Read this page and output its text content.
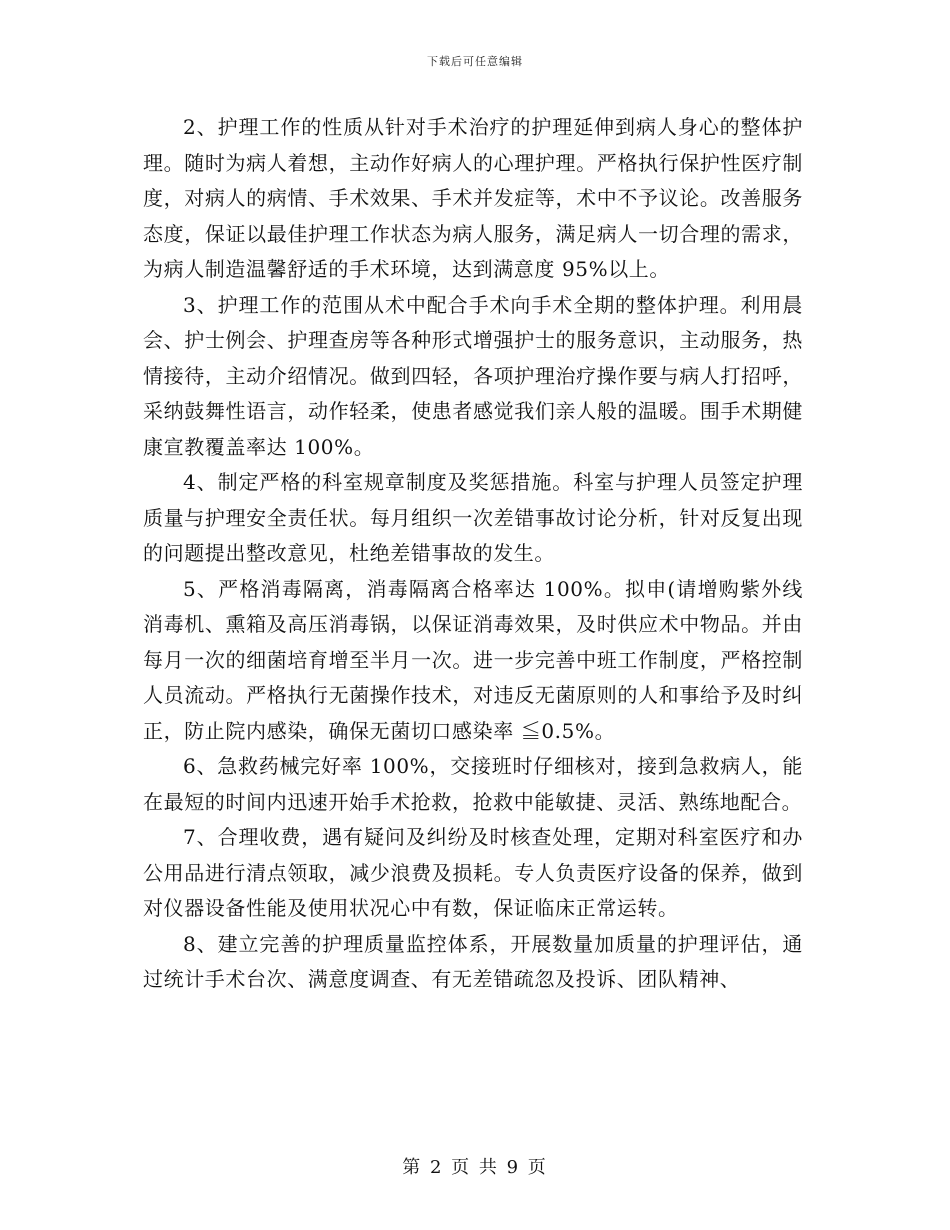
下载后可任意编辑

2、护理工作的性质从针对手术治疗的护理延伸到病人身心的整体护理。随时为病人着想，主动作好病人的心理护理。严格执行保护性医疗制度，对病人的病情、手术效果、手术并发症等，术中不予议论。改善服务态度，保证以最佳护理工作状态为病人服务，满足病人一切合理的需求，为病人制造温馨舒适的手术环境，达到满意度 95%以上。

3、护理工作的范围从术中配合手术向手术全期的整体护理。利用晨会、护士例会、护理查房等各种形式增强护士的服务意识，主动服务，热情接待，主动介绍情况。做到四轻，各项护理治疗操作要与病人打招呼，采纳鼓舞性语言，动作轻柔，使患者感觉我们亲人般的温暖。围手术期健康宣教覆盖率达 100%。

4、制定严格的科室规章制度及奖惩措施。科室与护理人员签定护理质量与护理安全责任状。每月组织一次差错事故讨论分析，针对反复出现的问题提出整改意见，杜绝差错事故的发生。

5、严格消毒隔离，消毒隔离合格率达 100%。拟申(请增购紫外线消毒机、熏箱及高压消毒锅，以保证消毒效果，及时供应术中物品。并由每月一次的细菌培育增至半月一次。进一步完善中班工作制度，严格控制人员流动。严格执行无菌操作技术，对违反无菌原则的人和事给予及时纠正，防止院内感染，确保无菌切口感染率 ≦0.5%。

6、急救药械完好率 100%，交接班时仔细核对，接到急救病人，能在最短的时间内迅速开始手术抢救，抢救中能敏捷、灵活、熟练地配合。

7、合理收费，遇有疑问及纠纷及时核查处理，定期对科室医疗和办公用品进行清点领取，减少浪费及损耗。专人负责医疗设备的保养，做到对仪器设备性能及使用状况心中有数，保证临床正常运转。

8、建立完善的护理质量监控体系，开展数量加质量的护理评估，通过统计手术台次、满意度调查、有无差错疏忽及投诉、团队精神、

第 2 页 共 9 页
